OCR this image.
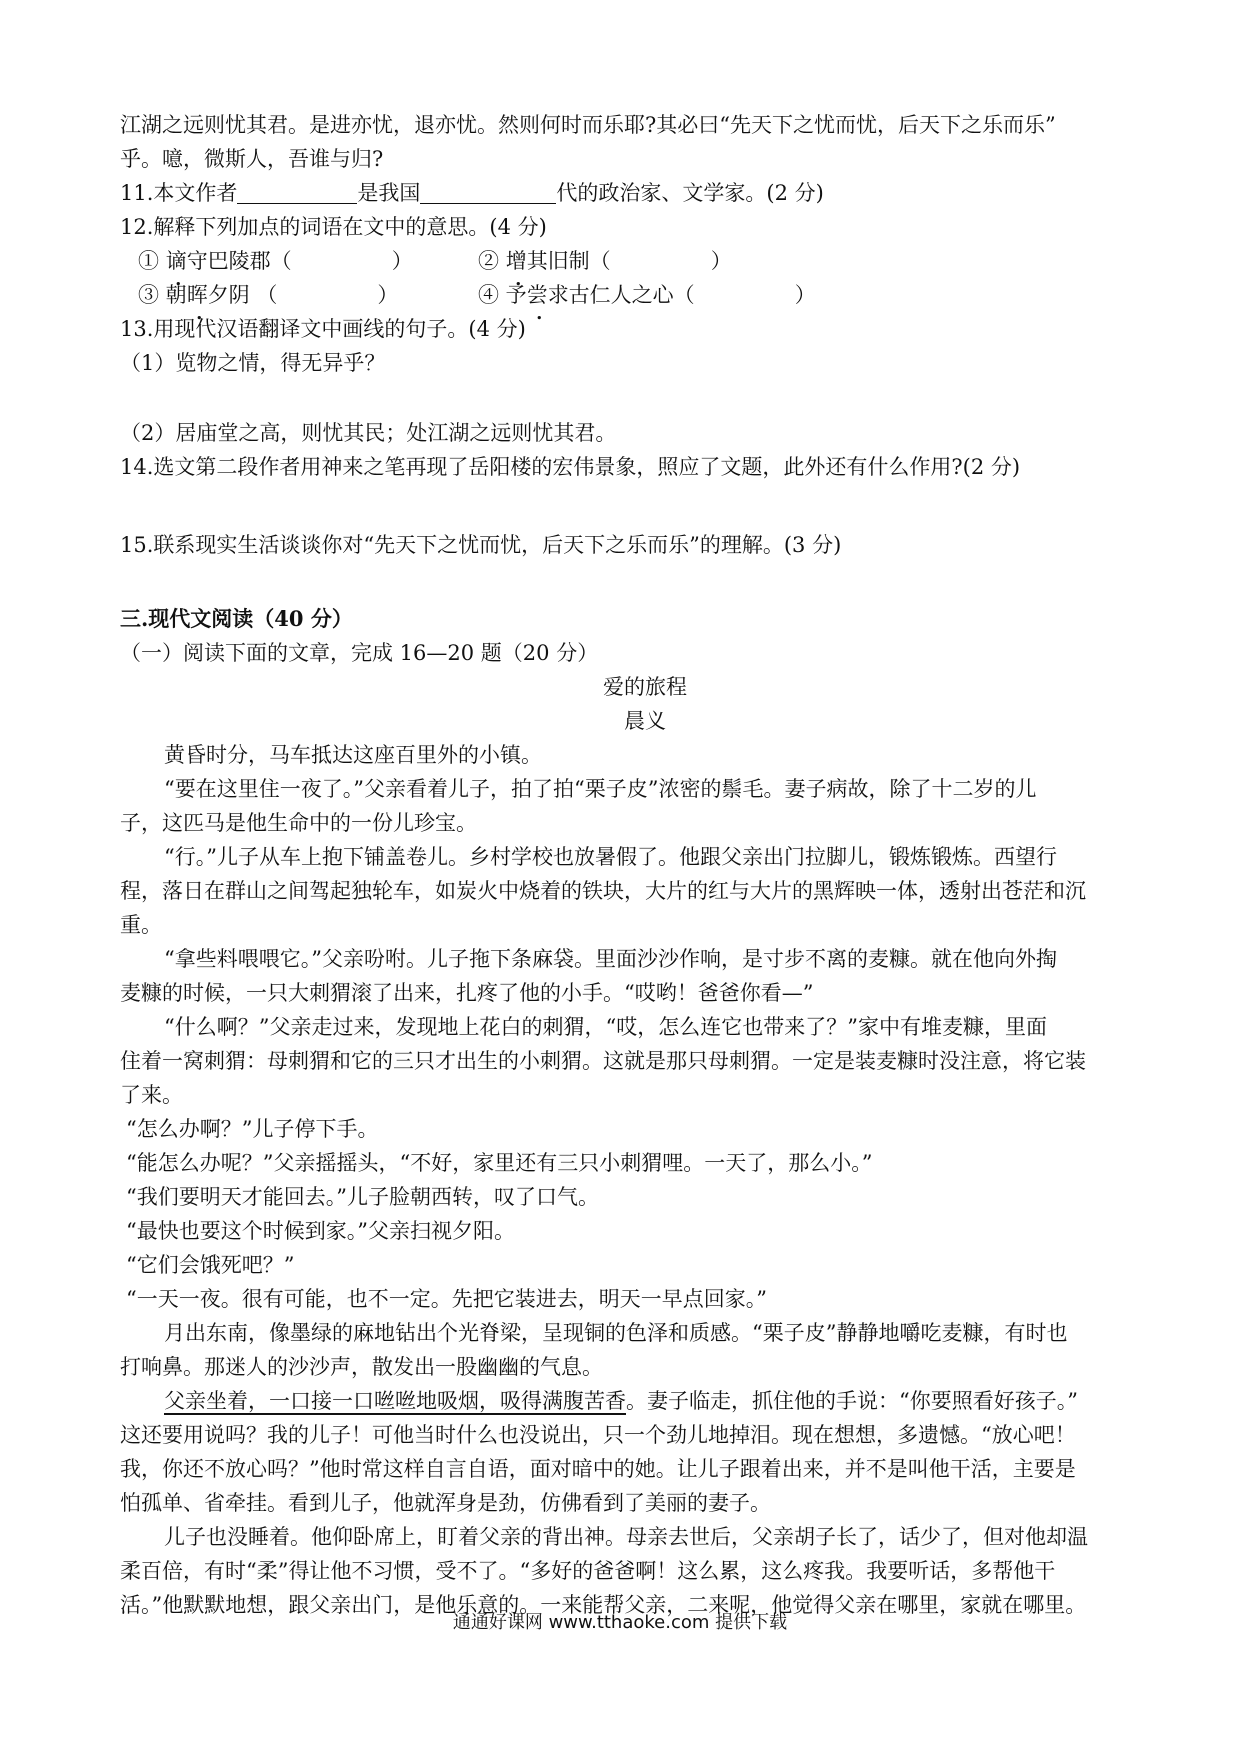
江湖之远则忧其君。是进亦忧，退亦忧。然则何时而乐耶?其必曰“先天下之忧而忧，后天下之乐而乐”
乎。噫，微斯人，吾谁与归?
11.本文作者	是我国	代的政治家、文学家。(2 分)
12.解释下列加点的词语在文中的意思。(4 分)
① 谪守巴陵郡（	）	② 增其旧制（	）
③ 朝晖夕阴 （	）	④ 予尝求古仁人之心（	）
13.用现代汉语翻译文中画线的句子。(4 分)
（1）览物之情，得无异乎？
（2）居庙堂之高，则忧其民；处江湖之远则忧其君。
14.选文第二段作者用神来之笔再现了岳阳楼的宏伟景象，照应了文题，此外还有什么作用?(2 分)
15.联系现实生活谈谈你对“先天下之忧而忧，后天下之乐而乐”的理解。(3 分)
三.现代文阅读（40 分）
（一）阅读下面的文章，完成 16—20 题（20 分）
爱的旅程
晨义
黄昏时分，马车抵达这座百里外的小镇。
“要在这里住一夜了。”父亲看着儿子，拍了拍“栗子皮”浓密的鬃毛。妻子病故，除了十二岁的儿
子，这匹马是他生命中的一份儿珍宝。
“行。”儿子从车上抱下铺盖卷儿。乡村学校也放暑假了。他跟父亲出门拉脚儿，锻炼锻炼。西望行
程，落日在群山之间驾起独轮车，如炭火中烧着的铁块，大片的红与大片的黑辉映一体，透射出苍茫和沉
重。
“拿些料喂喂它。”父亲吩咐。儿子拖下条麻袋。里面沙沙作响，是寸步不离的麦糠。就在他向外掏
麦糠的时候，一只大刺猬滚了出来，扎疼了他的小手。“哎哟！爸爸你看—”
“什么啊？”父亲走过来，发现地上花白的刺猬，“哎，怎么连它也带来了？”家中有堆麦糠，里面
住着一窝刺猬：母刺猬和它的三只才出生的小刺猬。这就是那只母刺猬。一定是装麦糠时没注意，将它装
了来。
“怎么办啊？”儿子停下手。
“能怎么办呢？”父亲摇摇头，“不好，家里还有三只小刺猬哩。一天了，那么小。”
“我们要明天才能回去。”儿子脸朝西转，叹了口气。
“最快也要这个时候到家。”父亲扫视夕阳。
“它们会饿死吧？”
“一天一夜。很有可能，也不一定。先把它装进去，明天一早点回家。”
月出东南，像墨绿的麻地钻出个光脊梁，呈现铜的色泽和质感。“栗子皮”静静地嚼吃麦糠，有时也
打响鼻。那迷人的沙沙声，散发出一股幽幽的气息。
父亲坐着，一口接一口咝咝地吸烟，吸得满腹苦香。妻子临走，抓住他的手说：“你要照看好孩子。”
这还要用说吗？我的儿子！可他当时什么也没说出，只一个劲儿地掉泪。现在想想，多遗憾。“放心吧！
我，你还不放心吗？”他时常这样自言自语，面对暗中的她。让儿子跟着出来，并不是叫他干活，主要是
怕孤单、省牵挂。看到儿子，他就浑身是劲，仿佛看到了美丽的妻子。
儿子也没睡着。他仰卧席上，盯着父亲的背出神。母亲去世后，父亲胡子长了，话少了，但对他却温
柔百倍，有时“柔”得让他不习惯，受不了。“多好的爸爸啊！这么累，这么疼我。我要听话，多帮他干
活。”他默默地想，跟父亲出门，是他乐意的。一来能帮父亲，二来呢，他觉得父亲在哪里，家就在哪里。
通通好课网 www.tthaoke.com 提供下载
